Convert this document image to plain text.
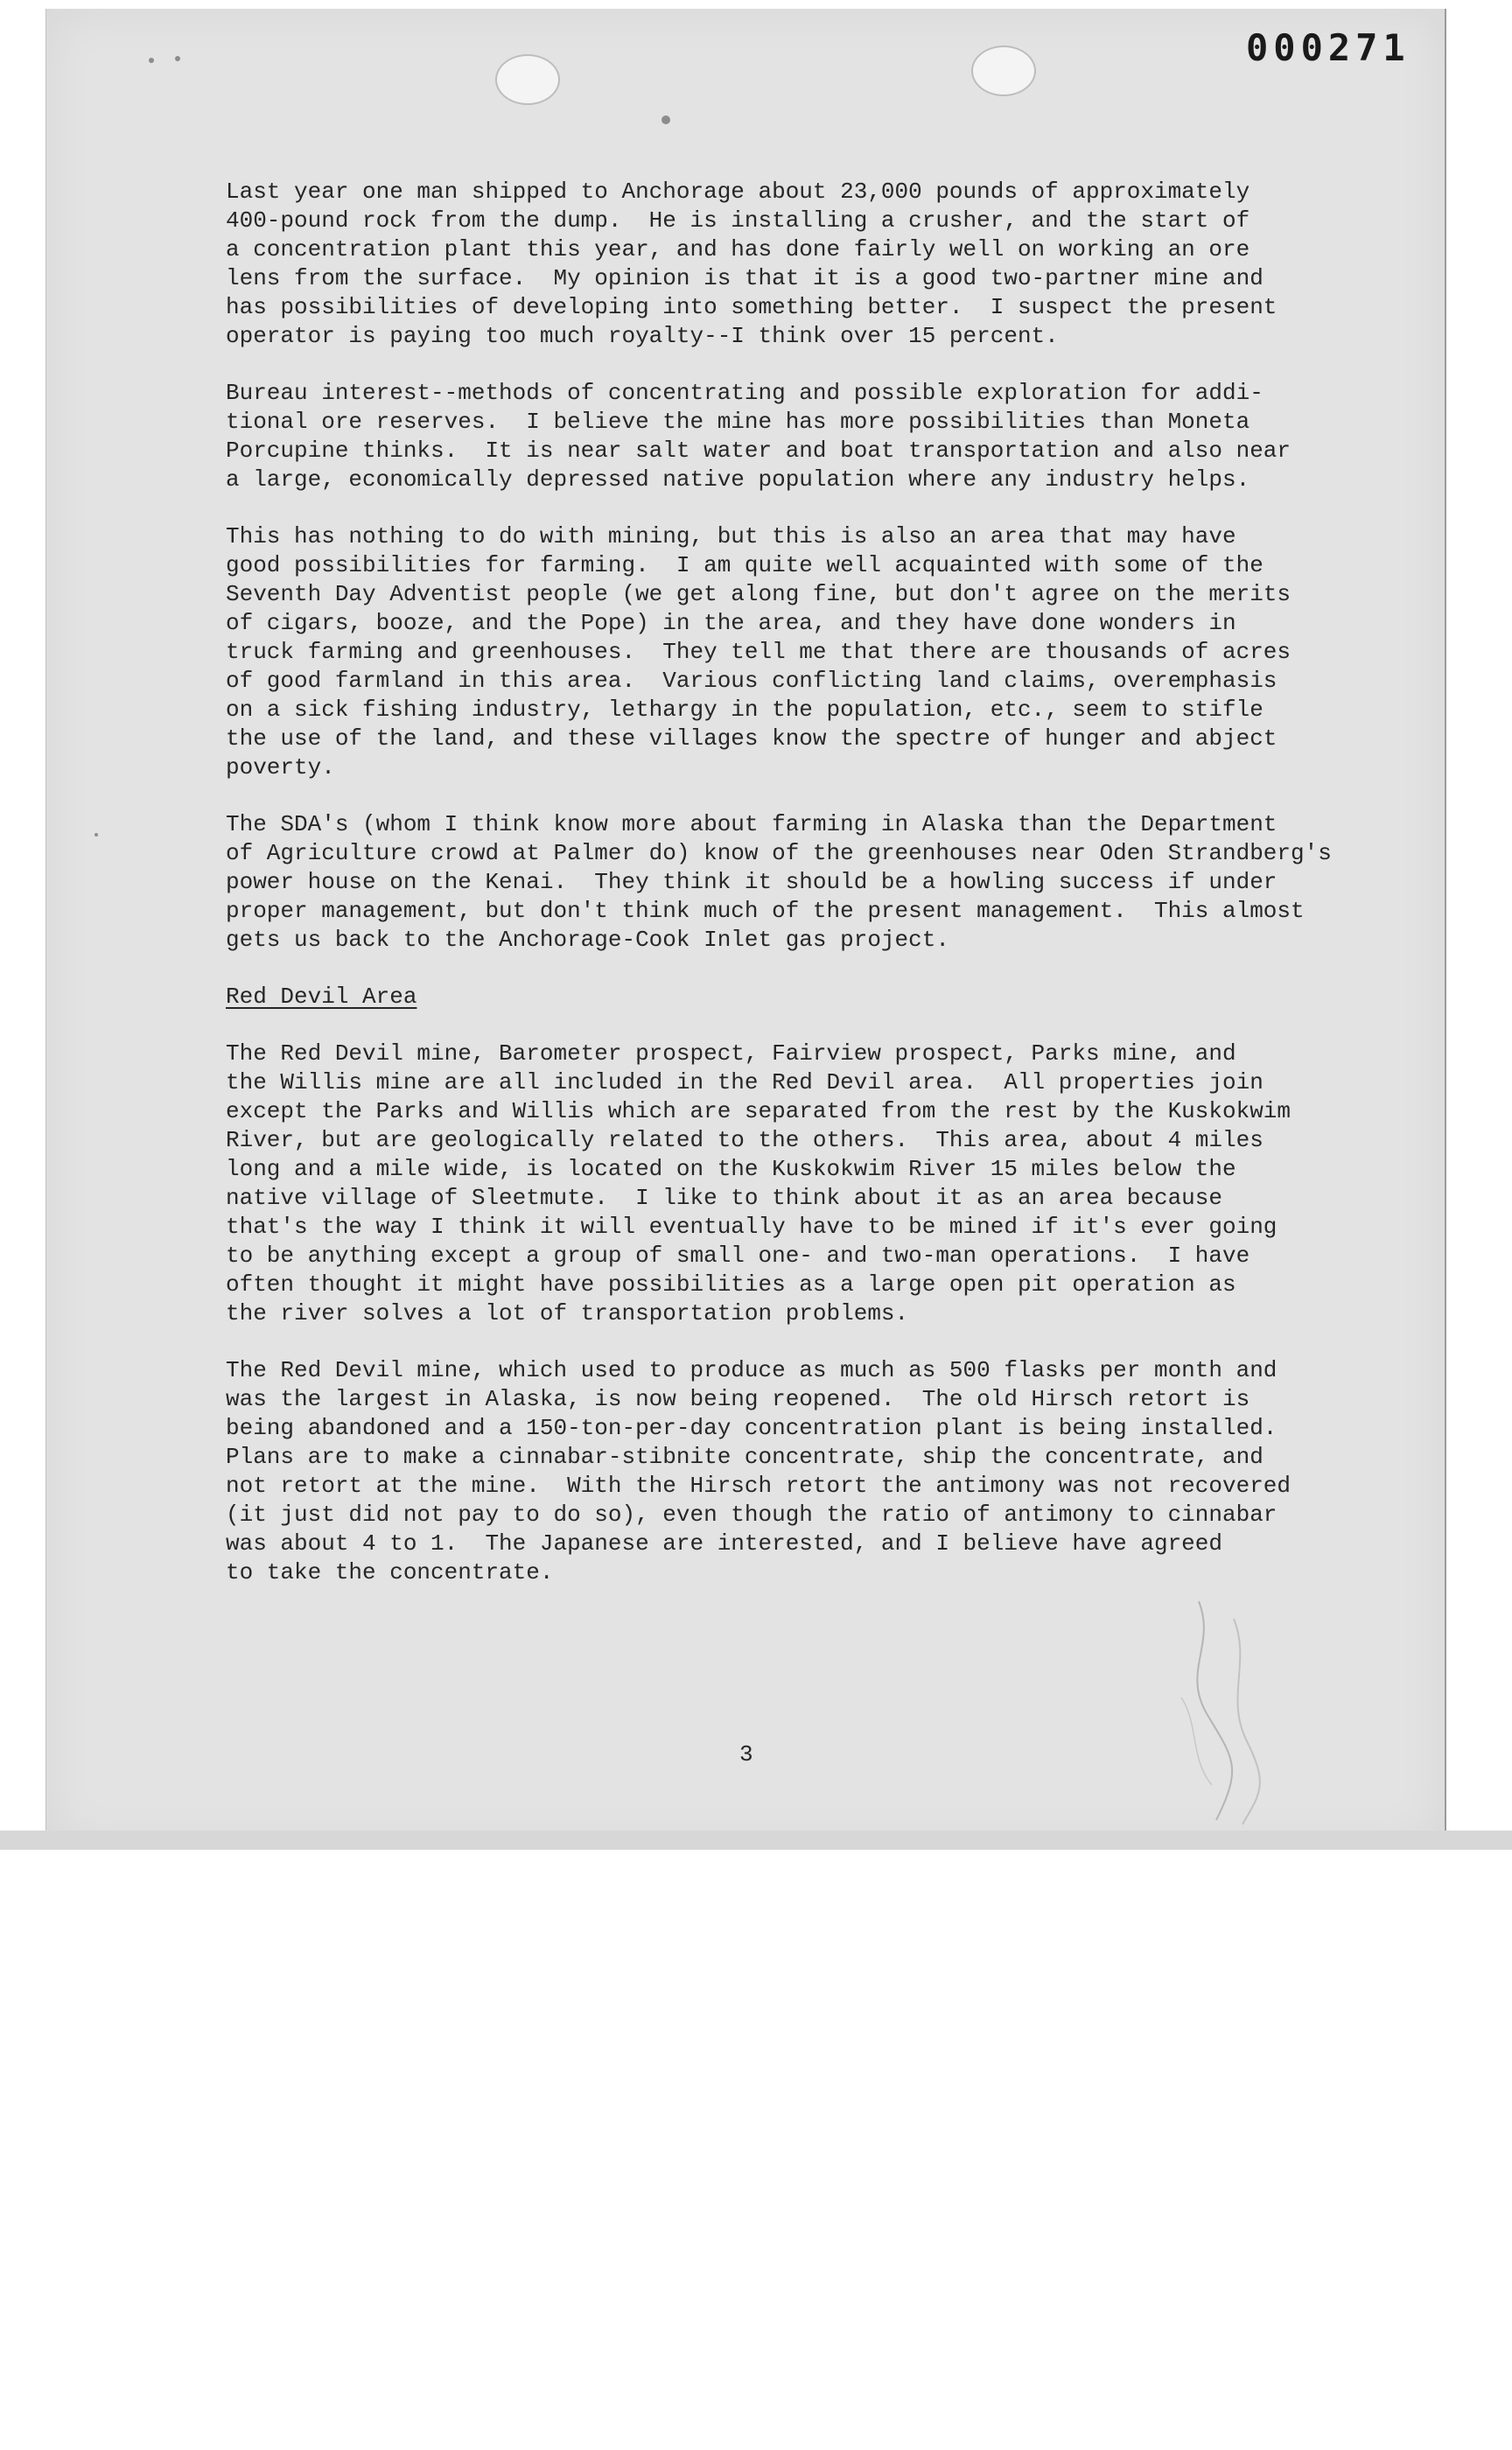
000271

Last year one man shipped to Anchorage about 23,000 pounds of approximately
400-pound rock from the dump.  He is installing a crusher, and the start of
a concentration plant this year, and has done fairly well on working an ore
lens from the surface.  My opinion is that it is a good two-partner mine and
has possibilities of developing into something better.  I suspect the present
operator is paying too much royalty--I think over 15 percent.

Bureau interest--methods of concentrating and possible exploration for addi-
tional ore reserves.  I believe the mine has more possibilities than Moneta
Porcupine thinks.  It is near salt water and boat transportation and also near
a large, economically depressed native population where any industry helps.

This has nothing to do with mining, but this is also an area that may have
good possibilities for farming.  I am quite well acquainted with some of the
Seventh Day Adventist people (we get along fine, but don't agree on the merits
of cigars, booze, and the Pope) in the area, and they have done wonders in
truck farming and greenhouses.  They tell me that there are thousands of acres
of good farmland in this area.  Various conflicting land claims, overemphasis
on a sick fishing industry, lethargy in the population, etc., seem to stifle
the use of the land, and these villages know the spectre of hunger and abject
poverty.

The SDA's (whom I think know more about farming in Alaska than the Department
of Agriculture crowd at Palmer do) know of the greenhouses near Oden Strandberg's
power house on the Kenai.  They think it should be a howling success if under
proper management, but don't think much of the present management.  This almost
gets us back to the Anchorage-Cook Inlet gas project.

Red Devil Area

The Red Devil mine, Barometer prospect, Fairview prospect, Parks mine, and
the Willis mine are all included in the Red Devil area.  All properties join
except the Parks and Willis which are separated from the rest by the Kuskokwim
River, but are geologically related to the others.  This area, about 4 miles
long and a mile wide, is located on the Kuskokwim River 15 miles below the
native village of Sleetmute.  I like to think about it as an area because
that's the way I think it will eventually have to be mined if it's ever going
to be anything except a group of small one- and two-man operations.  I have
often thought it might have possibilities as a large open pit operation as
the river solves a lot of transportation problems.

The Red Devil mine, which used to produce as much as 500 flasks per month and
was the largest in Alaska, is now being reopened.  The old Hirsch retort is
being abandoned and a 150-ton-per-day concentration plant is being installed.
Plans are to make a cinnabar-stibnite concentrate, ship the concentrate, and
not retort at the mine.  With the Hirsch retort the antimony was not recovered
(it just did not pay to do so), even though the ratio of antimony to cinnabar
was about 4 to 1.  The Japanese are interested, and I believe have agreed
to take the concentrate.

3
